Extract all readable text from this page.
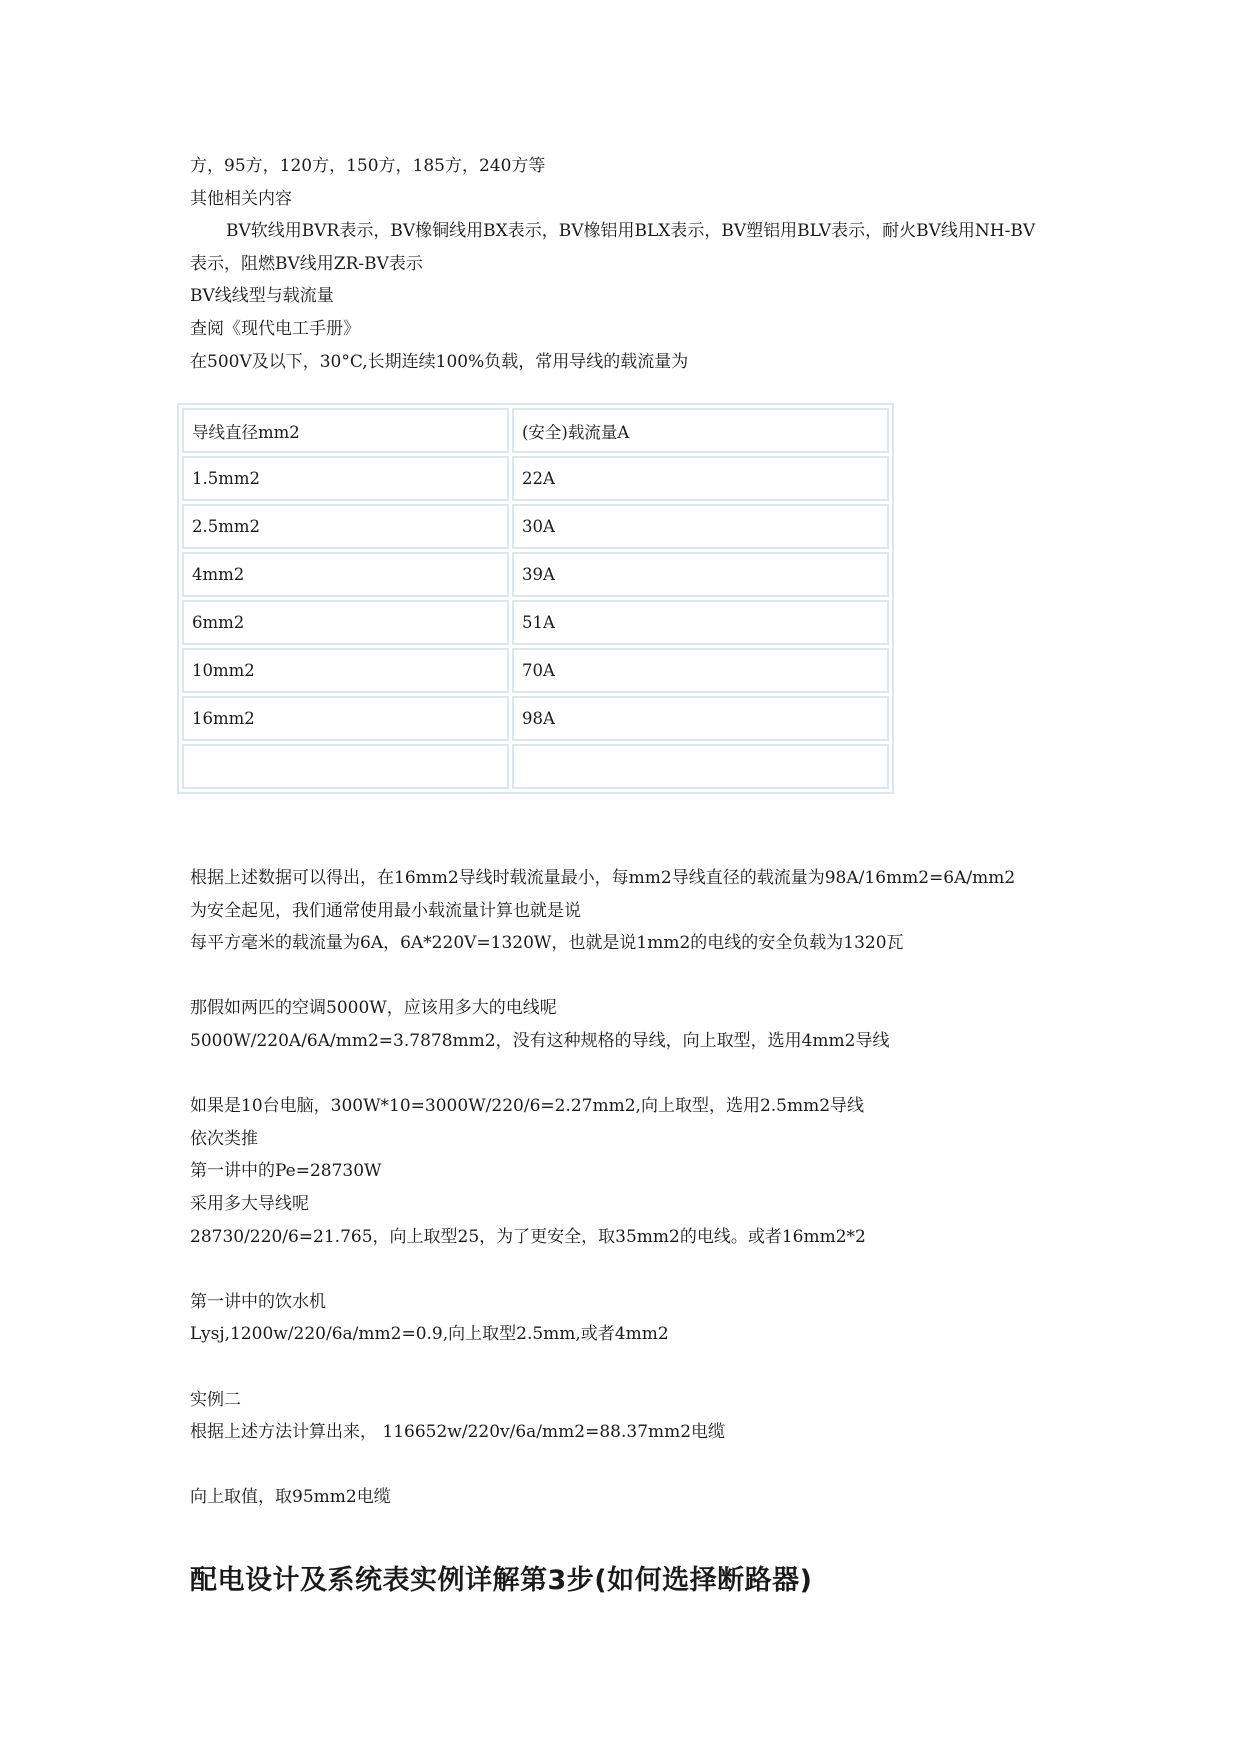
方，95方，120方，150方，185方，240方等
其他相关内容
BV软线用BVR表示，BV橡铜线用BX表示，BV橡铝用BLX表示，BV塑铝用BLV表示，耐火BV线用NH-BV
表示，阻燃BV线用ZR-BV表示
BV线线型与载流量
查阅《现代电工手册》
在500V及以下，30°C,长期连续100%负载，常用导线的载流量为
导线直径mm2	(安全)载流量A
1.5mm2	22A
2.5mm2	30A
4mm2	39A
6mm2	51A
10mm2	70A
16mm2	98A

根据上述数据可以得出，在16mm2导线时载流量最小，每mm2导线直径的载流量为98A/16mm2=6A/mm2
为安全起见，我们通常使用最小载流量计算也就是说
每平方毫米的载流量为6A，6A*220V=1320W，也就是说1mm2的电线的安全负载为1320瓦
那假如两匹的空调5000W，应该用多大的电线呢
5000W/220A/6A/mm2=3.7878mm2，没有这种规格的导线，向上取型，选用4mm2导线
如果是10台电脑，300W*10=3000W/220/6=2.27mm2,向上取型，选用2.5mm2导线
依次类推
第一讲中的Pe=28730W
采用多大导线呢
28730/220/6=21.765，向上取型25，为了更安全，取35mm2的电线。或者16mm2*2
第一讲中的饮水机
Lysj,1200w/220/6a/mm2=0.9,向上取型2.5mm,或者4mm2
实例二
根据上述方法计算出来， 116652w/220v/6a/mm2=88.37mm2电缆
向上取值，取95mm2电缆
配电设计及系统表实例详解第3步(如何选择断路器)
